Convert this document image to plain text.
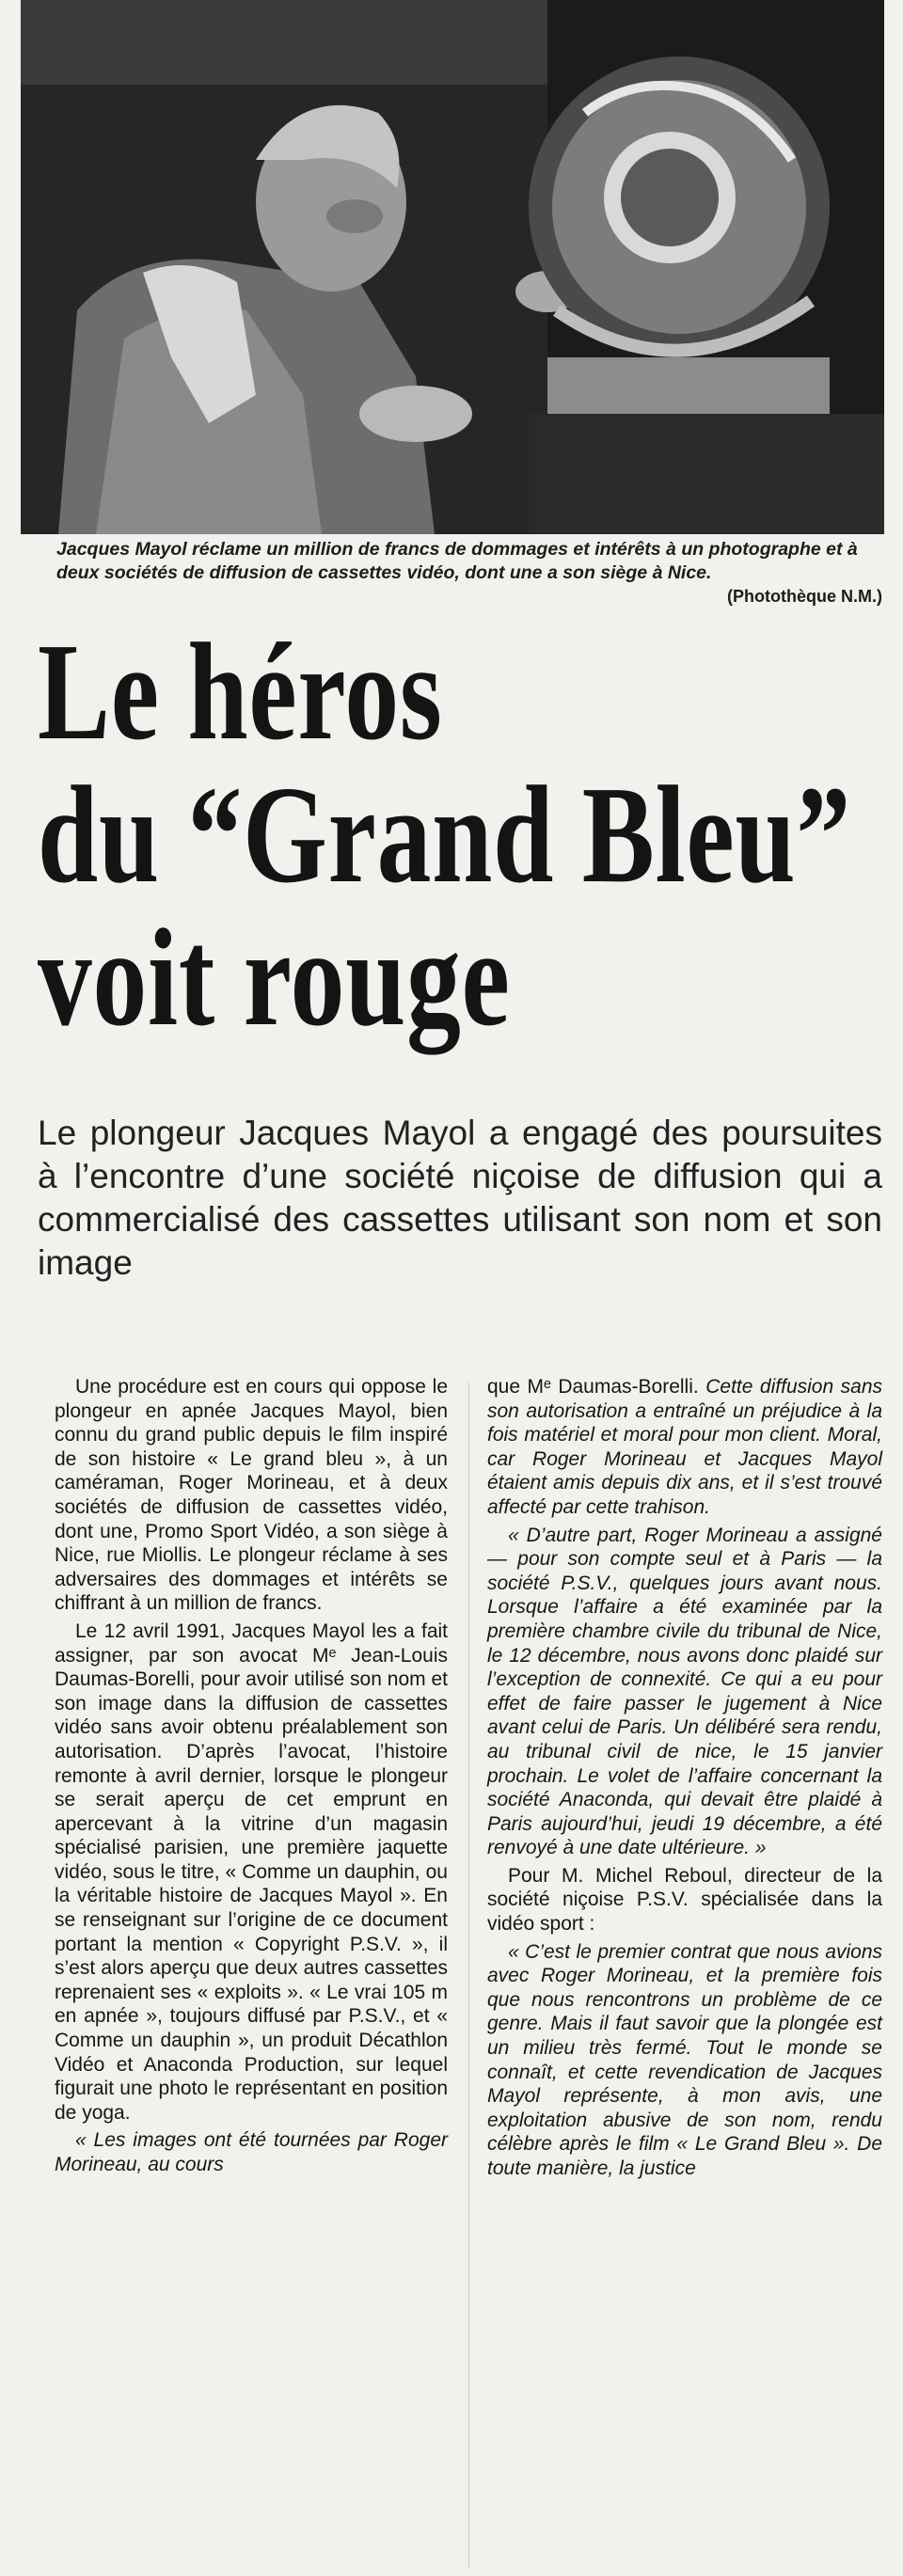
Jacques Mayol réclame un million de francs de dommages et intérêts à un photographe et à deux sociétés de diffusion de cassettes vidéo, dont une a son siège à Nice.
(Photothèque N.M.)
Le héros
du “Grand Bleu”
voit rouge
Le plongeur Jacques Mayol a engagé des poursuites à l’encontre d’une société niçoise de diffusion qui a commercialisé des cassettes utilisant son nom et son image

Une procédure est en cours qui oppose le plongeur en apnée Jacques Mayol, bien connu du grand public depuis le film inspiré de son histoire « Le grand bleu », à un caméraman, Roger Morineau, et à deux sociétés de diffusion de cassettes vidéo, dont une, Promo Sport Vidéo, a son siège à Nice, rue Miollis. Le plongeur réclame à ses adversaires des dommages et intérêts se chiffrant à un million de francs.

Le 12 avril 1991, Jacques Mayol les a fait assigner, par son avocat Mᵉ Jean-Louis Daumas-Borelli, pour avoir utilisé son nom et son image dans la diffusion de cassettes vidéo sans avoir obtenu préalablement son autorisation. D’après l’avocat, l’histoire remonte à avril dernier, lorsque le plongeur se serait aperçu de cet emprunt en apercevant à la vitrine d’un magasin spécialisé parisien, une première jaquette vidéo, sous le titre, « Comme un dauphin, ou la véritable histoire de Jacques Mayol ». En se renseignant sur l’origine de ce document portant la mention « Copyright P.S.V. », il s’est alors aperçu que deux autres cassettes reprenaient ses « exploits ». « Le vrai 105 m en apnée », toujours diffusé par P.S.V., et « Comme un dauphin », un produit Décathlon Vidéo et Anaconda Production, sur lequel figurait une photo le représentant en position de yoga.

« Les images ont été tournées par Roger Morineau, au cours

que Mᵉ Daumas-Borelli. Cette diffusion sans son autorisation a entraîné un préjudice à la fois matériel et moral pour mon client. Moral, car Roger Morineau et Jacques Mayol étaient amis depuis dix ans, et il s’est trouvé affecté par cette trahison.

« D’autre part, Roger Morineau a assigné — pour son compte seul et à Paris — la société P.S.V., quelques jours avant nous. Lorsque l’affaire a été examinée par la première chambre civile du tribunal de Nice, le 12 décembre, nous avons donc plaidé sur l’exception de connexité. Ce qui a eu pour effet de faire passer le jugement à Nice avant celui de Paris. Un délibéré sera rendu, au tribunal civil de nice, le 15 janvier prochain. Le volet de l’affaire concernant la société Anaconda, qui devait être plaidé à Paris aujourd’hui, jeudi 19 décembre, a été renvoyé à une date ultérieure. »

Pour M. Michel Reboul, directeur de la société niçoise P.S.V. spécialisée dans la vidéo sport :

« C’est le premier contrat que nous avions avec Roger Morineau, et la première fois que nous rencontrons un problème de ce genre. Mais il faut savoir que la plongée est un milieu très fermé. Tout le monde se connaît, et cette revendication de Jacques Mayol représente, à mon avis, une exploitation abusive de son nom, rendu célèbre après le film « Le Grand Bleu ». De toute manière, la justice
